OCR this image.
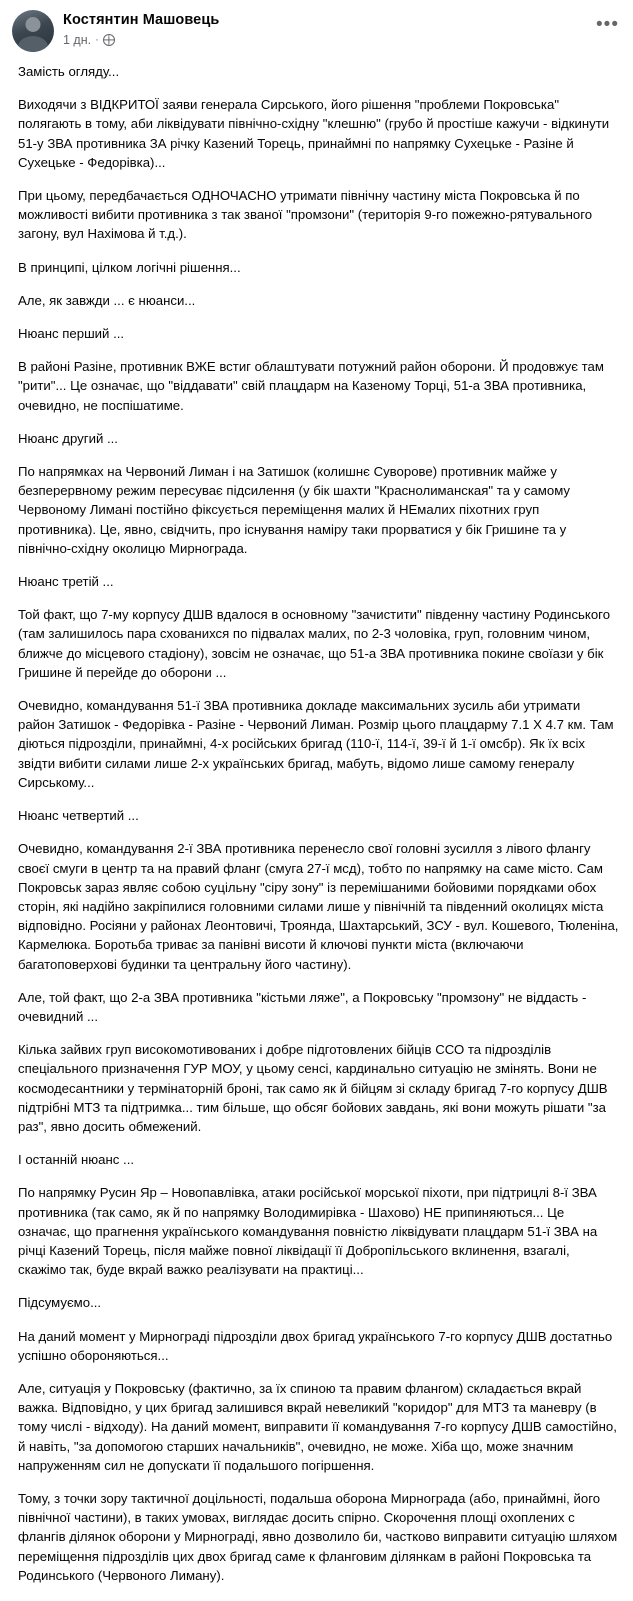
Костянтин Машовець
1 дн. ·
•••

Замість огляду...

Виходячи з ВІДКРИТОЇ заяви генерала Сирського, його рішення "проблеми Покровська" полягають в тому, аби ліквідувати північно-східну "клешню" (грубо й простіше кажучи - відкинути 51-у ЗВА противника ЗА річку Казений Торець, принаймні по напрямку Сухецьке - Разіне й Сухецьке - Федорівка)...

При цьому, передбачається ОДНОЧАСНО утримати північну частину міста Покровська й по можливості вибити противника з так званої "промзони" (територія 9-го пожежно-рятувального загону, вул Нахімова й т.д.).

В принципі, цілком логічні рішення...

Але, як завжди ... є нюанси...

Нюанс перший ...

В районі Разіне, противник ВЖЕ встиг облаштувати потужний район оборони. Й продовжує там "рити"... Це означає, що "віддавати" свій плацдарм на Казеному Торці, 51-а ЗВА противника, очевидно, не поспішатиме.

Нюанс другий ...

По напрямках на Червоний Лиман і на Затишок (колишнє Суворове) противник майже у безперервному режим пересуває підсилення (у бік шахти "Краснолиманская" та у самому Червоному Лимані постійно фіксується переміщення малих й НЕмалих піхотних груп противника). Це, явно, свідчить, про існування наміру таки прорватися у бік Гришине та у північно-східну околицю Мирнограда.

Нюанс третій ...

Той факт, що 7-му корпусу ДШВ вдалося в основному "зачистити" південну частину Родинського (там залишилось пара схованихся по підвалах малих, по 2-3 чоловіка, груп, головним чином, ближче до місцевого стадіону), зовсім не означає, що 51-а ЗВА противника покине своїази у бік Гришине й перейде до оборони ...

Очевидно, командування 51-ї ЗВА противника докладе максимальних зусиль аби утримати район Затишок - Федорівка - Разіне - Червоний Лиман. Розмір цього плацдарму 7.1 Х 4.7 км. Там діються підрозділи, принаймні, 4-х російських бригад (110-ї, 114-ї, 39-ї й 1-ї омсбр). Як їх всіх звідти вибити силами лише 2-х українських бригад, мабуть, відомо лише самому генералу Сирському...

Нюанс четвертий ...

Очевидно, командування 2-ї ЗВА противника перенесло свої головні зусилля з лівого флангу своєї смуги в центр та на правий фланг (смуга 27-ї мсд), тобто по напрямку на саме місто. Сам Покровськ зараз являє собою суцільну "сіру зону" із перемішаними бойовими порядками обох сторін, які надійно закріпилися головними силами лише у північній та південний околицях міста відповідно. Росіяни у районах Леонтовичі, Троянда, Шахтарський, ЗСУ - вул. Кошевого, Тюленіна, Кармелюка. Боротьба триває за панівні висоти й ключові пункти міста (включаючи багатоповерхові будинки та центральну його частину).

Але, той факт, що 2-а ЗВА противника "кістьми ляже", а Покровську "промзону" не віддасть - очевидний ...

Кілька зайвих груп високомотивованих і добре підготовлених бійців ССО та підрозділів спеціального призначення ГУР МОУ, у цьому сенсі, кардинально ситуацію не змінять. Вони не космодесантники у термінаторній броні, так само як й бійцям зі складу бригад 7-го корпусу ДШВ підтрібні МТЗ та підтримка... тим більше, що обсяг бойових завдань, які вони можуть рішати "за раз", явно досить обмежений.

І останній нюанс ...

По напрямку Русин Яр – Новопавлівка, атаки російської морської піхоти, при підтрицлі 8-ї ЗВА противника (так само, як й по напрямку Володимирівка - Шахово) НЕ припиняються... Це означає, що прагнення українського командування повністю ліквідувати плацдарм 51-ї ЗВА на річці Казений Торець, після майже повної ліквідації її Добропільського вклинення, взагалі, скажімо так, буде вкрай важко реалізувати на практиці...

Підсумуємо...

На даний момент у Мирнограді підрозділи двох бригад українського 7-го корпусу ДШВ достатньо успішно обороняються...

Але, ситуація у Покровську (фактично, за їх спиною та правим флангом) складається вкрай важка. Відповідно, у цих бригад залишився вкрай невеликий "коридор" для МТЗ та маневру (в тому числі - відходу). На даний момент, виправити її командування 7-го корпусу ДШВ самостійно, й навіть, "за допомогою старших начальників", очевидно, не може. Хіба що, може значним напруженням сил не допускати її подальшого погіршення.

Тому, з точки зору тактичної доцільності, подальша оборона Мирнограда (або, принаймні, його північної частини), в таких умовах, виглядає досить спірно. Скорочення площі охоплених с флангів ділянок оборони у Мирнограді, явно дозволило би, частково виправити ситуацію шляхом переміщення підрозділів цих двох бригад саме к фланговим ділянкам в районі Покровська та Родинського (Червоного Лиману).
